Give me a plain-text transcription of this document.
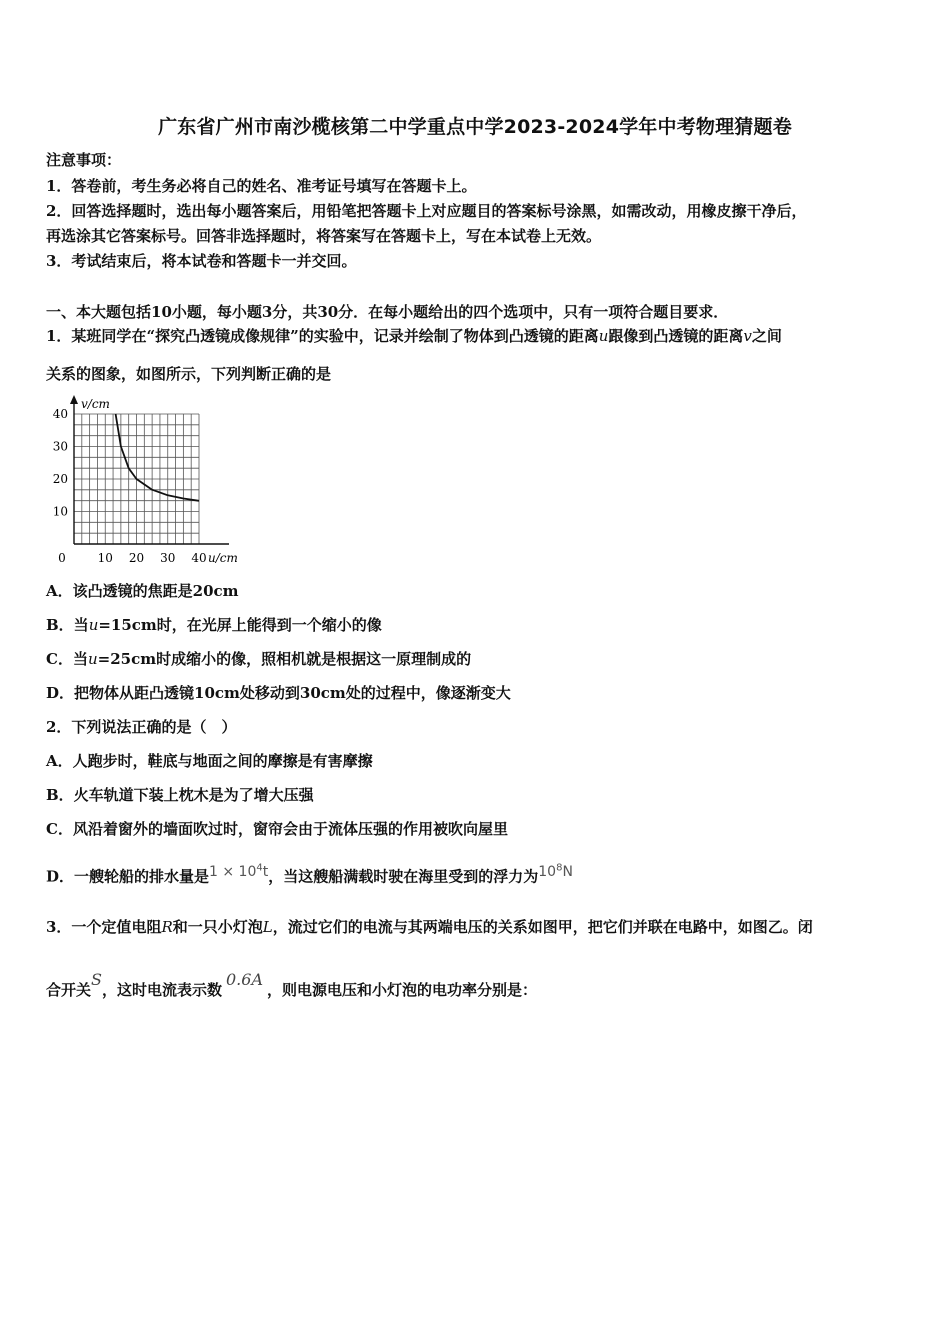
广东省广州市南沙榄核第二中学重点中学2023-2024学年中考物理猜题卷
注意事项：
1．答卷前，考生务必将自己的姓名、准考证号填写在答题卡上。
2．回答选择题时，选出每小题答案后，用铅笔把答题卡上对应题目的答案标号涂黑，如需改动，用橡皮擦干净后，
再选涂其它答案标号。回答非选择题时，将答案写在答题卡上，写在本试卷上无效。
3．考试结束后，将本试卷和答题卡一并交回。
一、本大题包括10小题，每小题3分，共30分．在每小题给出的四个选项中，只有一项符合题目要求．
1．某班同学在“探究凸透镜成像规律”的实验中，记录并绘制了物体到凸透镜的距离u跟像到凸透镜的距离v之间
关系的图象，如图所示，下列判断正确的是
v/cm
0	10 20 30 40 u/cm
40
30
20
10
A．该凸透镜的焦距是20cm
B．当u=15cm时，在光屏上能得到一个缩小的像
C．当u=25cm时成缩小的像，照相机就是根据这一原理制成的
D．把物体从距凸透镜10cm处移动到30cm处的过程中，像逐渐变大
2．下列说法正确的是（　）
A．人跑步时，鞋底与地面之间的摩擦是有害摩擦
B．火车轨道下装上枕木是为了增大压强
C．风沿着窗外的墙面吹过时，窗帘会由于流体压强的作用被吹向屋里
D．一艘轮船的排水量是$1 \times 10^4t$，当这艘船满载时驶在海里受到的浮力为$10^8N$
3．一个定值电阻R和一只小灯泡L，流过它们的电流与其两端电压的关系如图甲，把它们并联在电路中，如图乙。闭
合开关S，这时电流表示数0.6A，则电源电压和小灯泡的电功率分别是：
